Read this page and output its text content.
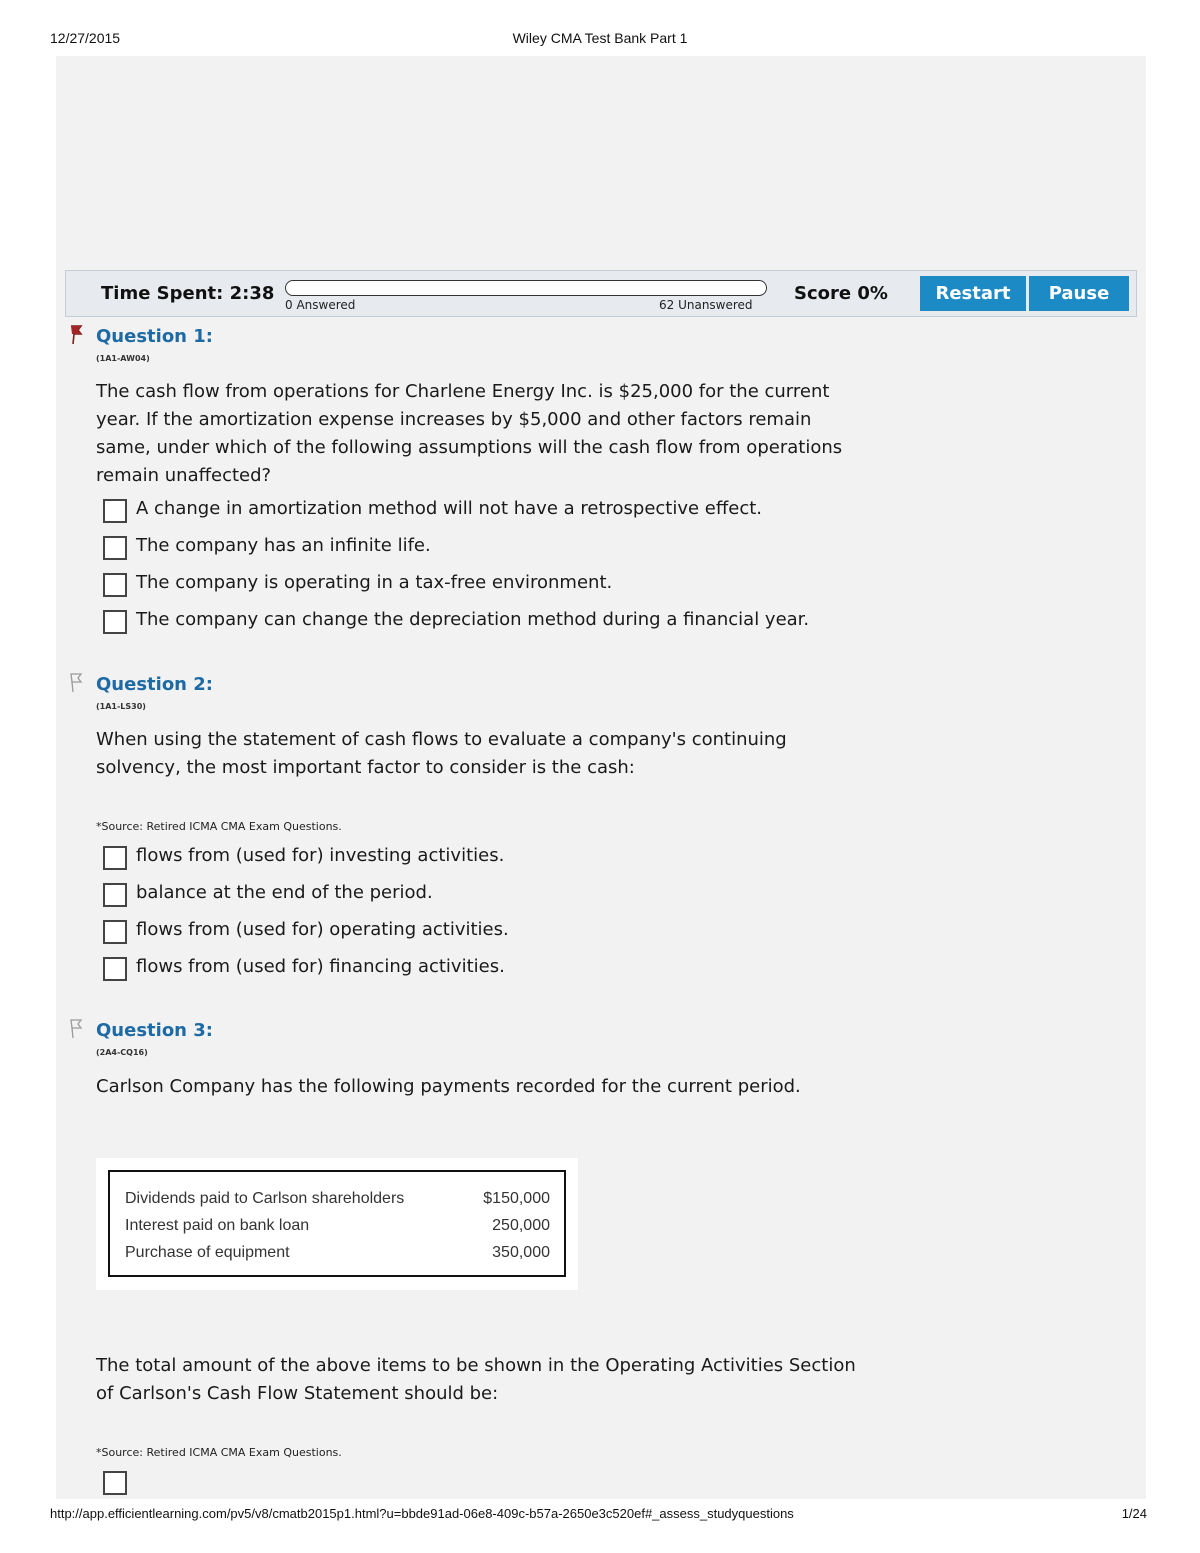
12/27/2015	Wiley CMA Test Bank Part 1
Time Spent: 2:38
0 Answered	62 Unanswered
Score 0%	Restart	Pause
Question 1:
(1A1-AW04)
The cash flow from operations for Charlene Energy Inc. is $25,000 for the current year. If the amortization expense increases by $5,000 and other factors remain same, under which of the following assumptions will the cash flow from operations remain unaffected?
A change in amortization method will not have a retrospective effect.
The company has an infinite life.
The company is operating in a tax-free environment.
The company can change the depreciation method during a financial year.
Question 2:
(1A1-LS30)
When using the statement of cash flows to evaluate a company's continuing solvency, the most important factor to consider is the cash:
*Source: Retired ICMA CMA Exam Questions.
flows from (used for) investing activities.
balance at the end of the period.
flows from (used for) operating activities.
flows from (used for) financing activities.
Question 3:
(2A4-CQ16)
Carlson Company has the following payments recorded for the current period.
Dividends paid to Carlson shareholders	$150,000
Interest paid on bank loan	250,000
Purchase of equipment	350,000
The total amount of the above items to be shown in the Operating Activities Section of Carlson's Cash Flow Statement should be:
*Source: Retired ICMA CMA Exam Questions.
http://app.efficientlearning.com/pv5/v8/cmatb2015p1.html?u=bbde91ad-06e8-409c-b57a-2650e3c520ef#_assess_studyquestions	1/24
